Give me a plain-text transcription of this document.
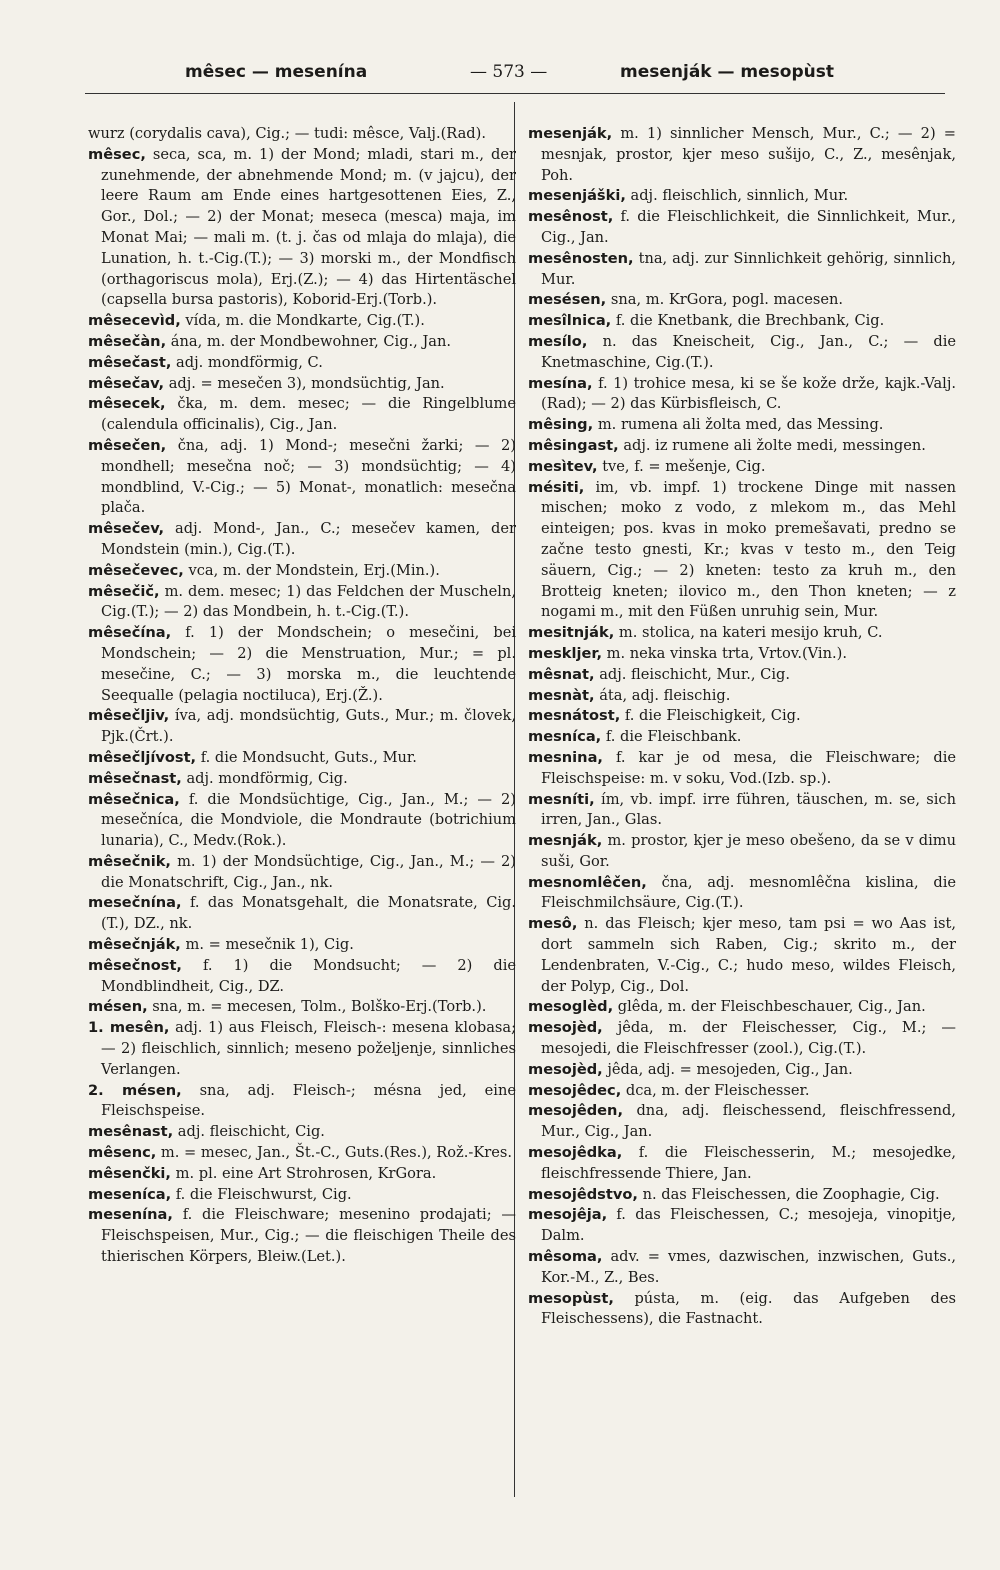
mêsec — mesenína	— 573 —	mesenják — mesopùst

wurz (corydalis cava), Cig.; — tudi: mêsce, Valj.(Rad).

mêsec, seca, sca, m. 1) der Mond; mladi, stari m., der zunehmende, der abnehmende Mond; m. (v jajcu), der leere Raum am Ende eines hartgesottenen Eies, Z., Gor., Dol.; — 2) der Monat; meseca (mesca) maja, im Monat Mai; — mali m. (t. j. čas od mlaja do mlaja), die Lunation, h. t.-Cig.(T.); — 3) morski m., der Mondfisch (orthagoriscus mola), Erj.(Z.); — 4) das Hirtentäschel (capsella bursa pastoris), Koborid-Erj.(Torb.).

mêsecevìd, vída, m. die Mondkarte, Cig.(T.).

mêsečàn, ána, m. der Mondbewohner, Cig., Jan.

mêsečast, adj. mondförmig, C.

mêsečav, adj. = mesečen 3), mondsüchtig, Jan.

mêsecek, čka, m. dem. mesec; — die Ringelblume (calendula officinalis), Cig., Jan.

mêsečen, čna, adj. 1) Mond-; mesečni žarki; — 2) mondhell; mesečna noč; — 3) mondsüchtig; — 4) mondblind, V.-Cig.; — 5) Monat-, monatlich: mesečna plača.

mêsečev, adj. Mond-, Jan., C.; mesečev kamen, der Mondstein (min.), Cig.(T.).

mêsečevec, vca, m. der Mondstein, Erj.(Min.).

mêsečič, m. dem. mesec; 1) das Feldchen der Muscheln, Cig.(T.); — 2) das Mondbein, h. t.-Cig.(T.).

mêsečína, f. 1) der Mondschein; o mesečini, bei Mondschein; — 2) die Menstruation, Mur.; = pl. mesečine, C.; — 3) morska m., die leuchtende Seequalle (pelagia noctiluca), Erj.(Ž.).

mêsečljiv, íva, adj. mondsüchtig, Guts., Mur.; m. človek, Pjk.(Črt.).

mêsečljívost, f. die Mondsucht, Guts., Mur.

mêsečnast, adj. mondförmig, Cig.

mêsečnica, f. die Mondsüchtige, Cig., Jan., M.; — 2) mesečníca, die Mondviole, die Mondraute (botrichium lunaria), C., Medv.(Rok.).

mêsečnik, m. 1) der Mondsüchtige, Cig., Jan., M.; — 2) die Monatschrift, Cig., Jan., nk.

mesečnína, f. das Monatsgehalt, die Monatsrate, Cig.(T.), DZ., nk.

mêsečnják, m. = mesečnik 1), Cig.

mêsečnost, f. 1) die Mondsucht; — 2) die Mondblindheit, Cig., DZ.

mésen, sna, m. = mecesen, Tolm., Bolško-Erj.(Torb.).

1. mesên, adj. 1) aus Fleisch, Fleisch-: mesena klobasa; — 2) fleischlich, sinnlich; meseno poželjenje, sinnliches Verlangen.

2. mésen, sna, adj. Fleisch-; mésna jed, eine Fleischspeise.

mesênast, adj. fleischicht, Cig.

mêsenc, m. = mesec, Jan., Št.-C., Guts.(Res.), Rož.-Kres.

mêsenčki, m. pl. eine Art Strohrosen, KrGora.

meseníca, f. die Fleischwurst, Cig.

mesenína, f. die Fleischware; mesenino prodajati; — Fleischspeisen, Mur., Cig.; — die fleischigen Theile des thierischen Körpers, Bleiw.(Let.).

mesenják, m. 1) sinnlicher Mensch, Mur., C.; — 2) = mesnjak, prostor, kjer meso sušijo, C., Z., mesênjak, Poh.

mesenjáški, adj. fleischlich, sinnlich, Mur.

mesênost, f. die Fleischlichkeit, die Sinnlichkeit, Mur., Cig., Jan.

mesênosten, tna, adj. zur Sinnlichkeit gehörig, sinnlich, Mur.

mesésen, sna, m. KrGora, pogl. macesen.

mesîlnica, f. die Knetbank, die Brechbank, Cig.

mesílo, n. das Kneischeit, Cig., Jan., C.; — die Knetmaschine, Cig.(T.).

mesína, f. 1) trohice mesa, ki se še kože drže, kajk.-Valj.(Rad); — 2) das Kürbisfleisch, C.

mêsing, m. rumena ali žolta med, das Messing.

mêsingast, adj. iz rumene ali žolte medi, messingen.

mesìtev, tve, f. = mešenje, Cig.

mésiti, im, vb. impf. 1) trockene Dinge mit nassen mischen; moko z vodo, z mlekom m., das Mehl einteigen; pos. kvas in moko premešavati, predno se začne testo gnesti, Kr.; kvas v testo m., den Teig säuern, Cig.; — 2) kneten: testo za kruh m., den Brotteig kneten; ilovico m., den Thon kneten; — z nogami m., mit den Füßen unruhig sein, Mur.

mesitnják, m. stolica, na kateri mesijo kruh, C.

mesklјer, m. neka vinska trta, Vrtov.(Vin.).

mêsnat, adj. fleischicht, Mur., Cig.

mesnàt, áta, adj. fleischig.

mesnátost, f. die Fleischigkeit, Cig.

mesníca, f. die Fleischbank.

mesnina, f. kar je od mesa, die Fleischware; die Fleischspeise: m. v soku, Vod.(Izb. sp.).

mesníti, ím, vb. impf. irre führen, täuschen, m. se, sich irren, Jan., Glas.

mesnják, m. prostor, kjer je meso obešeno, da se v dimu suši, Gor.

mesnomlêčen, čna, adj. mesnomlêčna kislina, die Fleischmilchsäure, Cig.(T.).

mesô, n. das Fleisch; kjer meso, tam psi = wo Aas ist, dort sammeln sich Raben, Cig.; skrito m., der Lendenbraten, V.-Cig., C.; hudo meso, wildes Fleisch, der Polyp, Cig., Dol.

mesoglèd, glêda, m. der Fleischbeschauer, Cig., Jan.

mesojèd, jêda, m. der Fleischesser, Cig., M.; — mesojedi, die Fleischfresser (zool.), Cig.(T.).

mesojèd, jêda, adj. = mesojeden, Cig., Jan.

mesojêdec, dca, m. der Fleischesser.

mesojêden, dna, adj. fleischessend, fleischfressend, Mur., Cig., Jan.

mesojêdka, f. die Fleischesserin, M.; mesojedke, fleischfressende Thiere, Jan.

mesojêdstvo, n. das Fleischessen, die Zoophagie, Cig.

mesojêja, f. das Fleischessen, C.; mesojeja, vinopitje, Dalm.

mêsoma, adv. = vmes, dazwischen, inzwischen, Guts., Kor.-M., Z., Bes.

mesopùst, pústa, m. (eig. das Aufgeben des Fleischessens), die Fastnacht.
